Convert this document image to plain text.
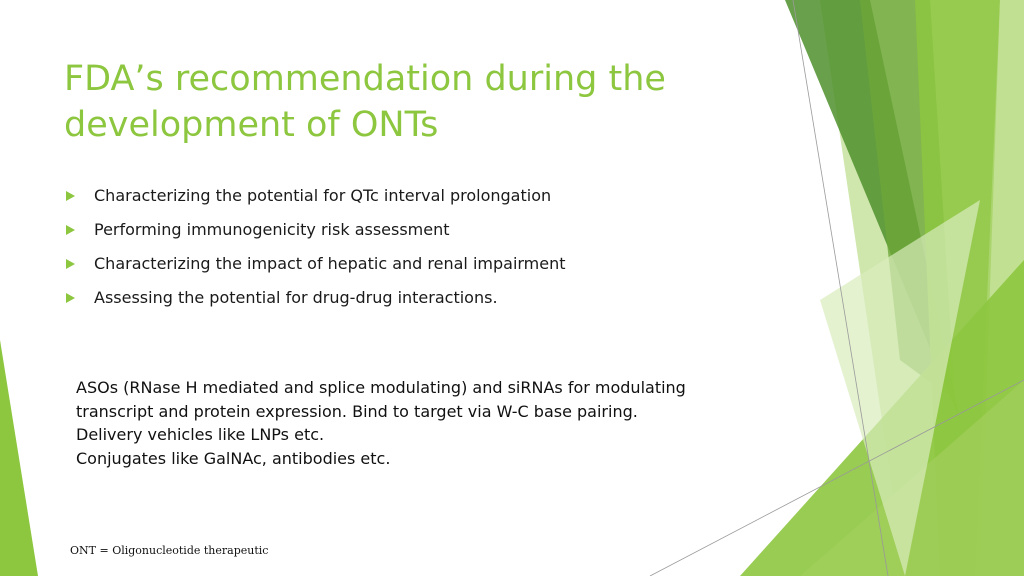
FDA’s recommendation during the
development of ONTs
Characterizing the potential for QTc interval prolongation
Performing immunogenicity risk assessment
Characterizing the impact of hepatic and renal impairment
Assessing the potential for drug-drug interactions.
ASOs (RNase H mediated and splice modulating) and siRNAs for modulating
transcript and protein expression. Bind to target via W-C base pairing.
Delivery vehicles like LNPs etc.
Conjugates like GalNAc, antibodies etc.
ONT = Oligonucleotide therapeutic
